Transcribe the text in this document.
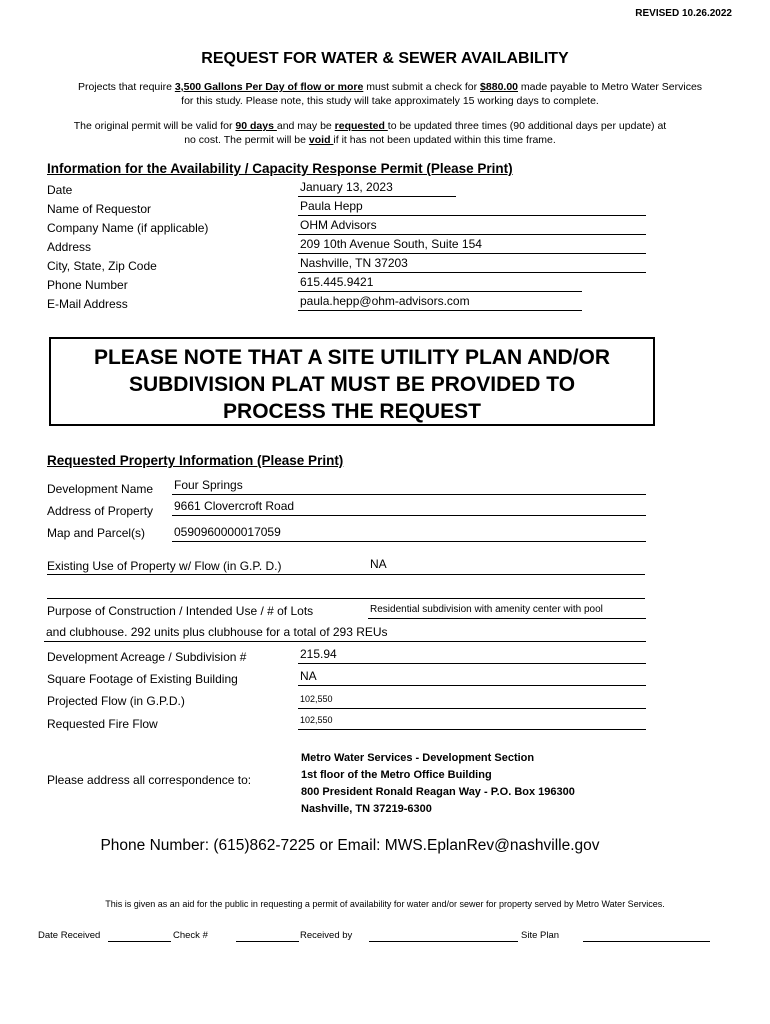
REVISED 10.26.2022
REQUEST FOR WATER & SEWER AVAILABILITY
Projects that require 3,500 Gallons Per Day of flow or more must submit a check for $880.00 made payable to Metro Water Services
for this study. Please note, this study will take approximately 15 working days to complete.
The original permit will be valid for 90 days and may be requested to be updated three times (90 additional days per update) at
no cost. The permit will be void if it has not been updated within this time frame.
Information for the Availability / Capacity Response Permit (Please Print)
Date	January 13, 2023
Name of Requestor	Paula Hepp
Company Name (if applicable)	OHM Advisors
Address	209 10th Avenue South, Suite 154
City, State, Zip Code	Nashville, TN 37203
Phone Number	615.445.9421
E-Mail Address	paula.hepp@ohm-advisors.com
PLEASE NOTE THAT A SITE UTILITY PLAN AND/OR
SUBDIVISION PLAT MUST BE PROVIDED TO
PROCESS THE REQUEST
Requested Property Information (Please Print)
Development Name Four Springs
Address of Property 9661 Clovercroft Road
Map and Parcel(s) 0590960000017059
Existing Use of Property w/ Flow (in G.P. D.)	NA
Purpose of Construction / Intended Use / # of Lots	Residential subdivision with amenity center with pool
and clubhouse. 292 units plus clubhouse for a total of 293 REUs
Development Acreage / Subdivision #	215.94
Square Footage of Existing Building	NA
Projected Flow (in G.P.D.)	102,550
Requested Fire Flow	102,550
Please address all correspondence to:
Metro Water Services - Development Section
1st floor of the Metro Office Building
800 President Ronald Reagan Way - P.O. Box 196300
Nashville, TN 37219-6300
Phone Number: (615)862-7225 or Email: MWS.EplanRev@nashville.gov
This is given as an aid for the public in requesting a permit of availability for water and/or sewer for property served by Metro Water Services.
Date Received	Check #	Received by	Site Plan
